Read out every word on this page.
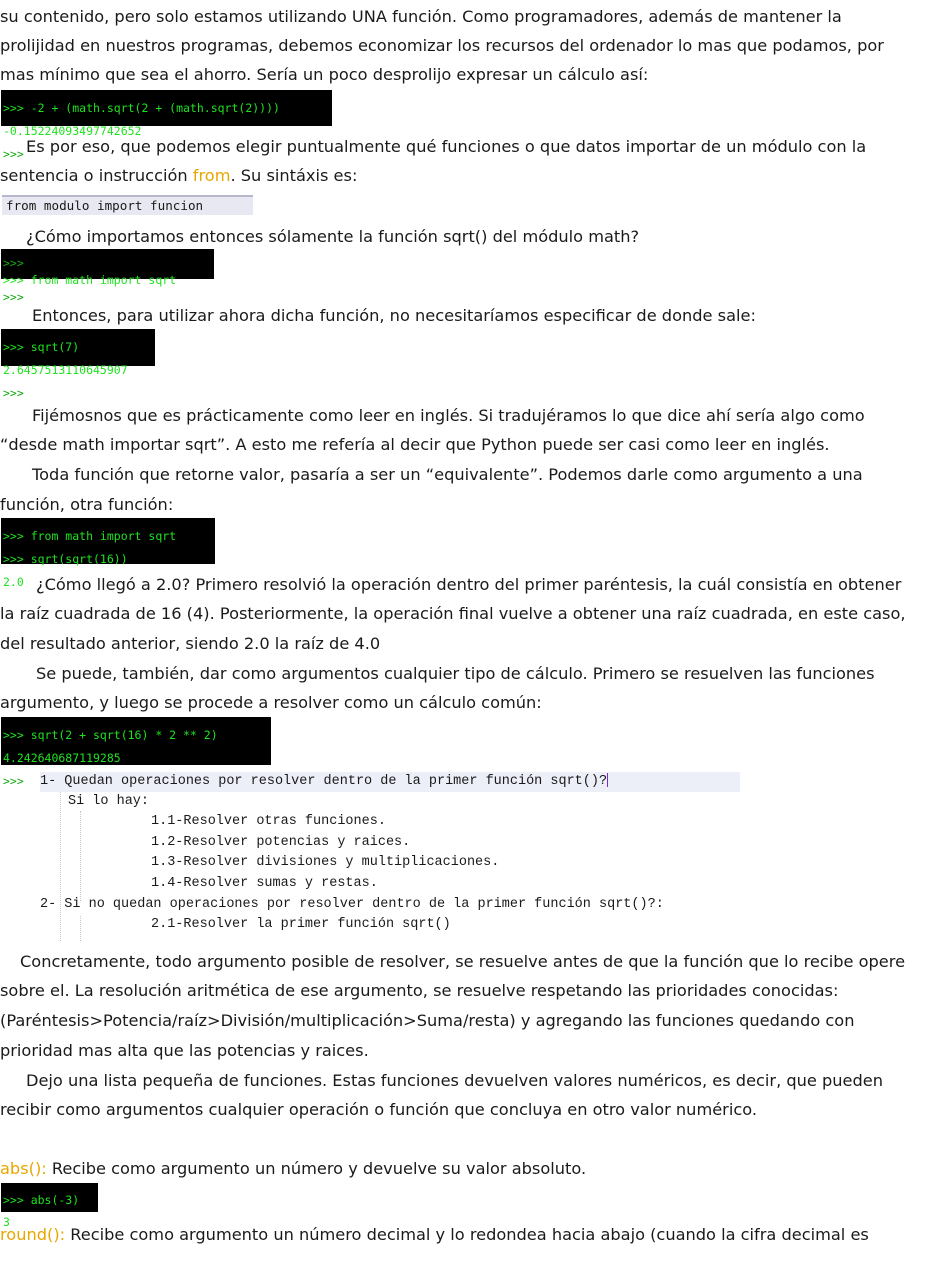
su contenido, pero solo estamos utilizando UNA función. Como programadores, además de mantener la

prolijidad en nuestros programas, debemos economizar los recursos del ordenador lo mas que podamos, por

mas mínimo que sea el ahorro. Sería un poco desprolijo expresar un cálculo así:

>>> -2 + (math.sqrt(2 + (math.sqrt(2))))

-0.15224093497742652

>>> Es por eso, que podemos elegir puntualmente qué funciones o que datos importar de un módulo con la

sentencia o instrucción from. Su sintáxis es:

from modulo import funcion

¿Cómo importamos entonces sólamente la función sqrt() del módulo math?

>>>

>>> from math import sqrt

>>>

Entonces, para utilizar ahora dicha función, no necesitaríamos especificar de donde sale:

>>> sqrt(7)

2.6457513110645907

>>>

Fijémosnos que es prácticamente como leer en inglés. Si tradujéramos lo que dice ahí sería algo como

“desde math importar sqrt”. A esto me refería al decir que Python puede ser casi como leer en inglés.

Toda función que retorne valor, pasaría a ser un “equivalente”. Podemos darle como argumento a una

función, otra función:

>>> from math import sqrt

>>> sqrt(sqrt(16))

2.0 ¿Cómo llegó a 2.0? Primero resolvió la operación dentro del primer paréntesis, la cuál consistía en obtener

la raíz cuadrada de 16 (4). Posteriormente, la operación final vuelve a obtener una raíz cuadrada, en este caso,

del resultado anterior, siendo 2.0 la raíz de 4.0

Se puede, también, dar como argumentos cualquier tipo de cálculo. Primero se resuelven las funciones

argumento, y luego se procede a resolver como un cálculo común:

>>> sqrt(2 + sqrt(16) * 2 ** 2)

4.242640687119285

>>>	1- Quedan operaciones por resolver dentro de la primer función sqrt()?
Si lo hay:
1.1-Resolver otras funciones.
1.2-Resolver potencias y raices.
1.3-Resolver divisiones y multiplicaciones.
1.4-Resolver sumas y restas.
2- Si no quedan operaciones por resolver dentro de la primer función sqrt()?:
2.1-Resolver la primer función sqrt()

Concretamente, todo argumento posible de resolver, se resuelve antes de que la función que lo recibe opere

sobre el. La resolución aritmética de ese argumento, se resuelve respetando las prioridades conocidas:

(Paréntesis>Potencia/raíz>División/multiplicación>Suma/resta) y agregando las funciones quedando con

prioridad mas alta que las potencias y raices.

Dejo una lista pequeña de funciones. Estas funciones devuelven valores numéricos, es decir, que pueden

recibir como argumentos cualquier operación o función que concluya en otro valor numérico.

abs(): Recibe como argumento un número y devuelve su valor absoluto.

>>> abs(-3)

3

round(): Recibe como argumento un número decimal y lo redondea hacia abajo (cuando la cifra decimal es
